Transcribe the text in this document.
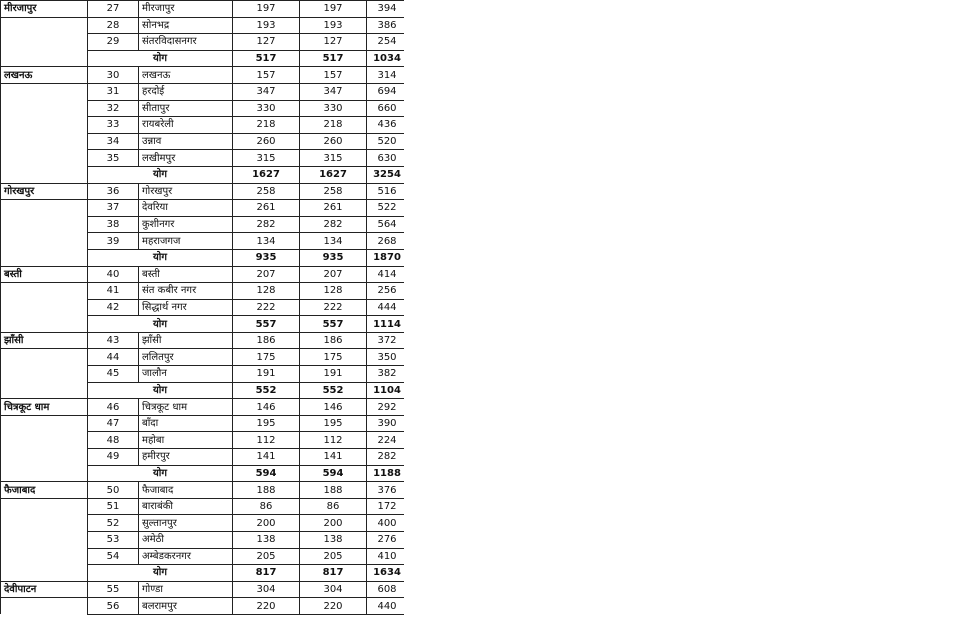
मीरजापुर	27	मीरजापुर	197	197	394
	28	सोनभद्र	193	193	386
	29	संतरविदासनगर	127	127	254
	योग		517	517	1034
लखनऊ	30	लखनऊ	157	157	314
	31	हरदोई	347	347	694
	32	सीतापुर	330	330	660
	33	रायबरेली	218	218	436
	34	उन्नाव	260	260	520
	35	लखीमपुर	315	315	630
	योग		1627	1627	3254
गोरखपुर	36	गोरखपुर	258	258	516
	37	देवरिया	261	261	522
	38	कुशीनगर	282	282	564
	39	महराजगज	134	134	268
	योग		935	935	1870
बस्ती	40	बस्ती	207	207	414
	41	संत कबीर नगर	128	128	256
	42	सिद्धार्थ नगर	222	222	444
	योग		557	557	1114
झाँसी	43	झाँसी	186	186	372
	44	ललितपुर	175	175	350
	45	जालौन	191	191	382
	योग		552	552	1104
चित्रकूट धाम	46	चित्रकूट धाम	146	146	292
	47	बाँदा	195	195	390
	48	महोबा	112	112	224
	49	हमीरपुर	141	141	282
	योग		594	594	1188
फैजाबाद	50	फैजाबाद	188	188	376
	51	बाराबंकी	86	86	172
	52	सुल्तानपुर	200	200	400
	53	अमेठी	138	138	276
	54	अम्बेडकरनगर	205	205	410
	योग		817	817	1634
देवीपाटन	55	गोण्डा	304	304	608
	56	बलरामपुर	220	220	440
